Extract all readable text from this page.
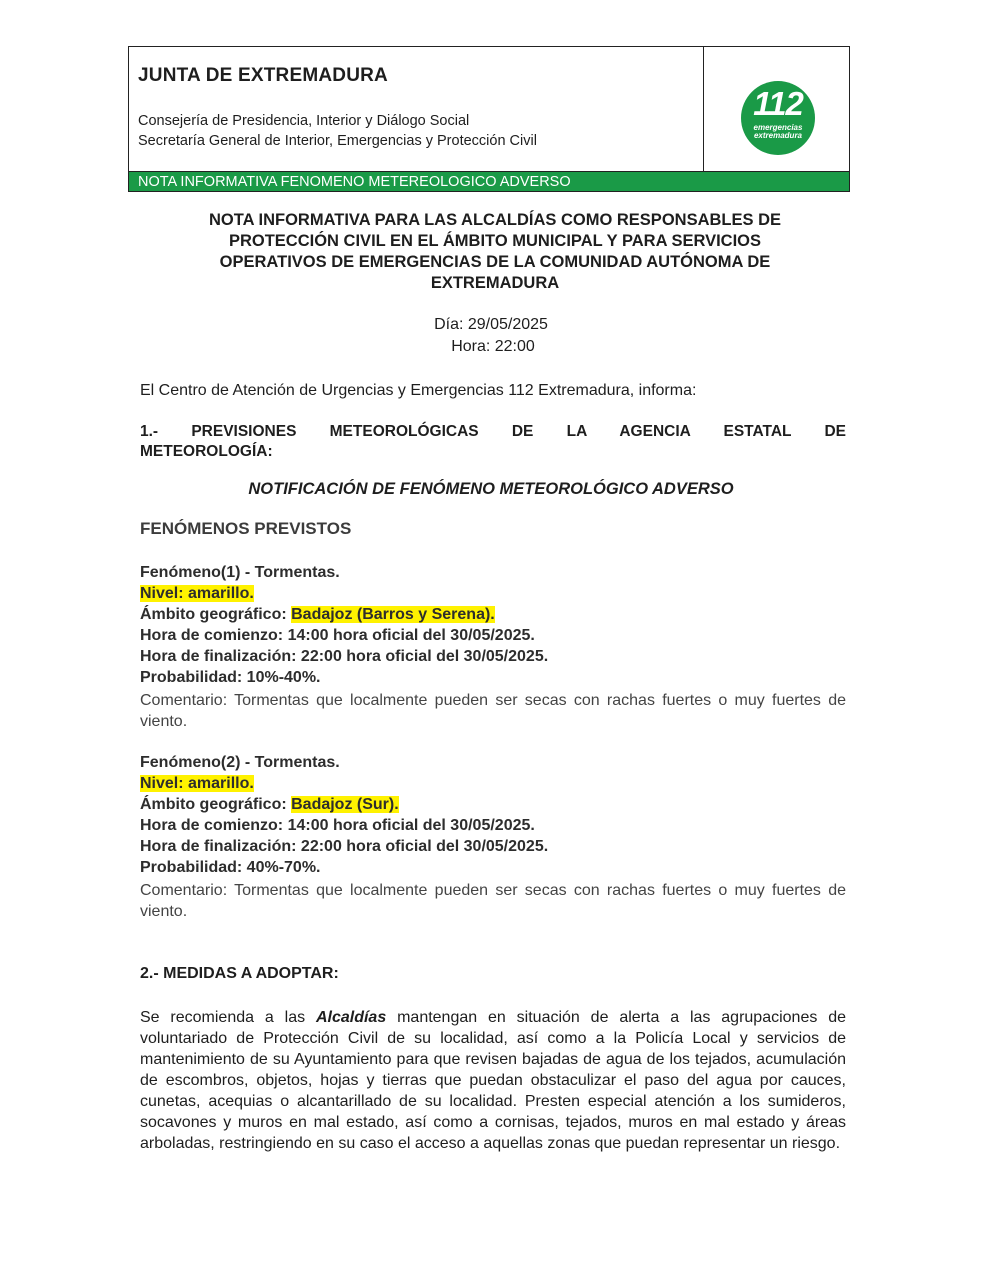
JUNTA DE EXTREMADURA
Consejería de Presidencia, Interior y Diálogo Social
Secretaría General de Interior, Emergencias y Protección Civil
112
emergencias
extremadura
NOTA INFORMATIVA FENOMENO METEREOLOGICO ADVERSO
NOTA INFORMATIVA PARA LAS ALCALDÍAS COMO RESPONSABLES DE
PROTECCIÓN CIVIL EN EL ÁMBITO MUNICIPAL Y PARA SERVICIOS
OPERATIVOS DE EMERGENCIAS DE LA COMUNIDAD AUTÓNOMA DE
EXTREMADURA
Día: 29/05/2025
Hora: 22:00
El Centro de Atención de Urgencias y Emergencias 112 Extremadura, informa:
1.- PREVISIONES METEOROLÓGICAS DE LA AGENCIA ESTATAL DE
METEOROLOGÍA:
NOTIFICACIÓN DE FENÓMENO METEOROLÓGICO ADVERSO
FENÓMENOS PREVISTOS
Fenómeno(1) - Tormentas.
Nivel: amarillo.
Ámbito geográfico: Badajoz (Barros y Serena).
Hora de comienzo: 14:00 hora oficial del 30/05/2025.
Hora de finalización: 22:00 hora oficial del 30/05/2025.
Probabilidad: 10%-40%.
Comentario: Tormentas que localmente pueden ser secas con rachas fuertes o muy fuertes de viento.
Fenómeno(2) - Tormentas.
Nivel: amarillo.
Ámbito geográfico: Badajoz (Sur).
Hora de comienzo: 14:00 hora oficial del 30/05/2025.
Hora de finalización: 22:00 hora oficial del 30/05/2025.
Probabilidad: 40%-70%.
Comentario: Tormentas que localmente pueden ser secas con rachas fuertes o muy fuertes de viento.
2.- MEDIDAS A ADOPTAR:
Se recomienda a las Alcaldías mantengan en situación de alerta a las agrupaciones de voluntariado de Protección Civil de su localidad, así como a la Policía Local y servicios de mantenimiento de su Ayuntamiento para que revisen bajadas de agua de los tejados, acumulación de escombros, objetos, hojas y tierras que puedan obstaculizar el paso del agua por cauces, cunetas, acequias o alcantarillado de su localidad. Presten especial atención a los sumideros, socavones y muros en mal estado, así como a cornisas, tejados, muros en mal estado y áreas arboladas, restringiendo en su caso el acceso a aquellas zonas que puedan representar un riesgo.
